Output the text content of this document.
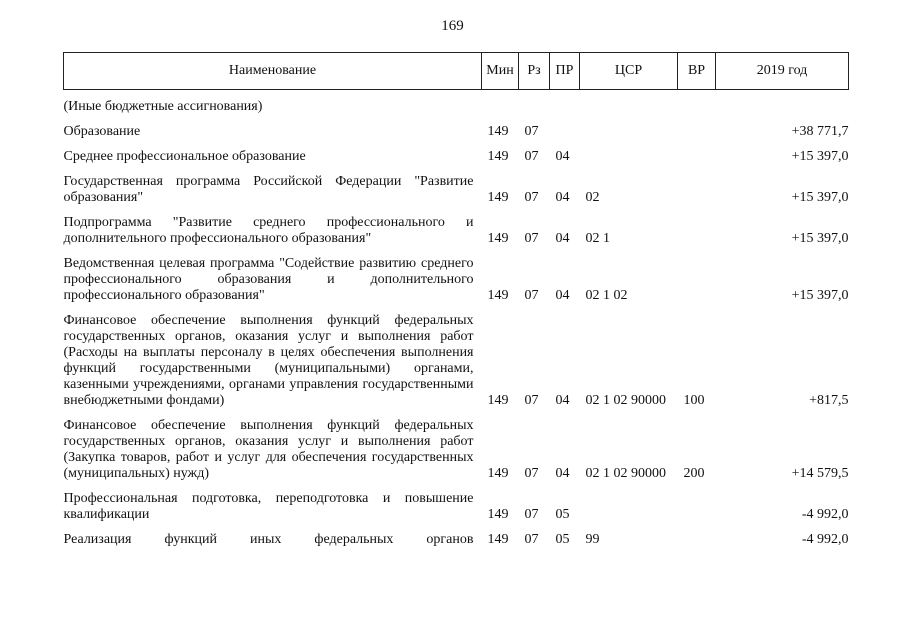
169
Наименование	Мин	Рз	ПР	ЦСР	ВР	2019 год

(Иные бюджетные ассигнования)						

Образование	149	07				+38 771,7

Среднее профессиональное образование	149	07	04			+15 397,0

Государственная программа Российской Федерации "Развитие образования"	149	07	04	02		+15 397,0

Подпрограмма "Развитие среднего профессионального и дополнительного профессионального образования"	149	07	04	02 1		+15 397,0

Ведомственная целевая программа "Содействие развитию среднего профессионального образования и дополнительного профессионального образования"	149	07	04	02 1 02		+15 397,0

Финансовое обеспечение выполнения функций федеральных государственных органов, оказания услуг и выполнения работ (Расходы на выплаты персоналу в целях обеспечения выполнения функций государственными (муниципальными) органами, казенными учреждениями, органами управления государственными внебюджетными фондами)	149	07	04	02 1 02 90000	100	+817,5

Финансовое обеспечение выполнения функций федеральных государственных органов, оказания услуг и выполнения работ (Закупка товаров, работ и услуг для обеспечения государственных (муниципальных) нужд)	149	07	04	02 1 02 90000	200	+14 579,5

Профессиональная подготовка, переподготовка и повышение квалификации	149	07	05			-4 992,0

Реализация функций иных федеральных органов	149	07	05	99		-4 992,0
